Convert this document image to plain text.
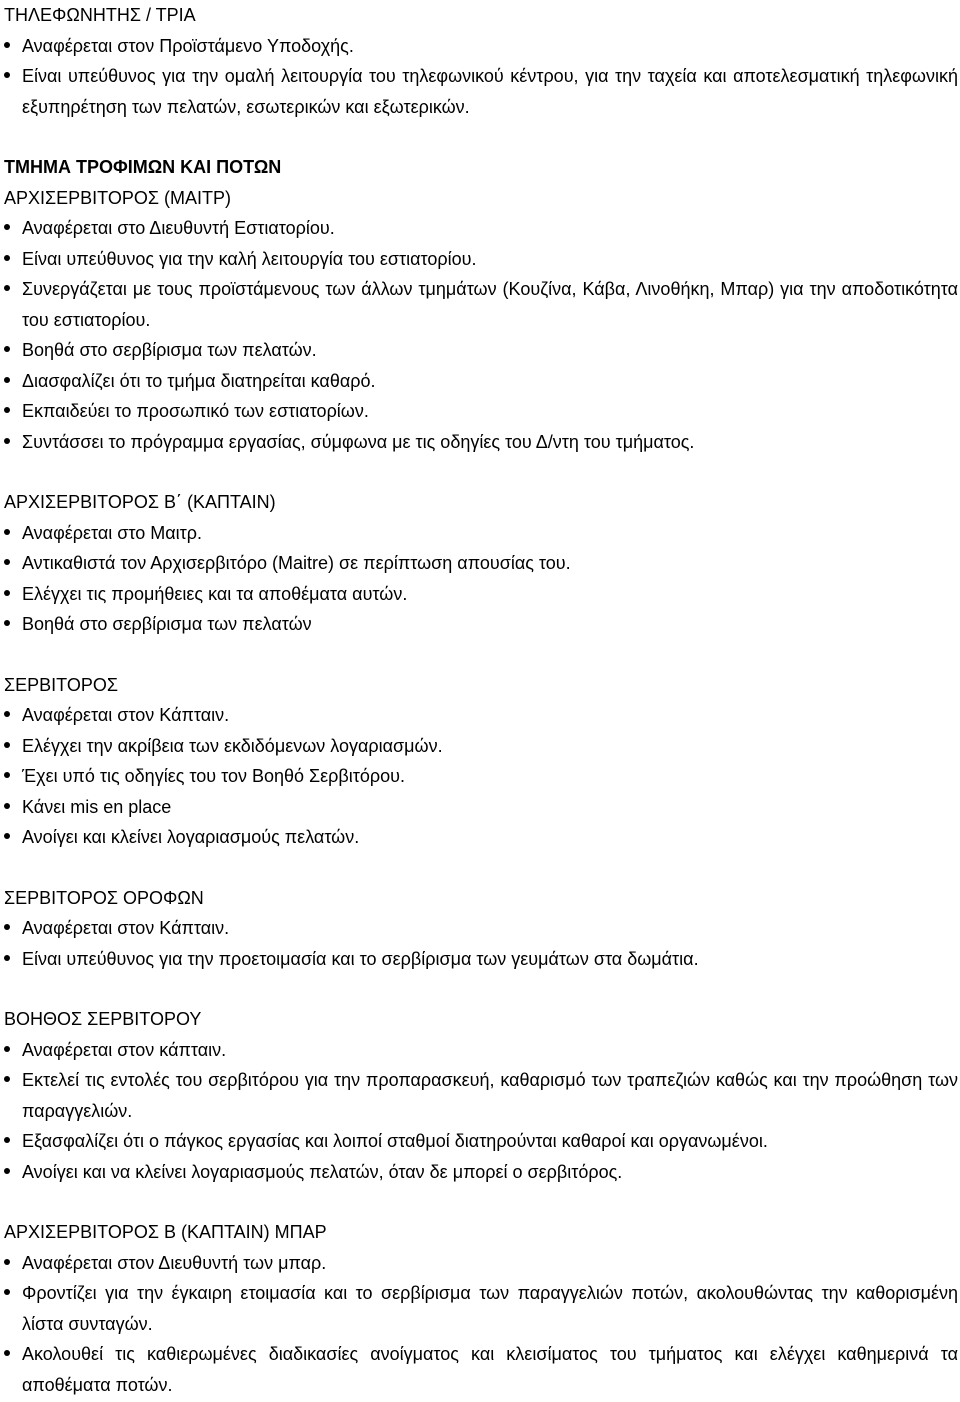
ΤΗΛΕΦΩΝΗΤΗΣ / ΤΡΙΑ

Αναφέρεται στον Προϊστάμενο Υποδοχής.
Είναι υπεύθυνος για την ομαλή λειτουργία του τηλεφωνικού κέντρου, για την ταχεία και αποτελεσματική τηλεφωνική εξυπηρέτηση των πελατών, εσωτερικών και εξωτερικών.

ΤΜΗΜΑ ΤΡΟΦΙΜΩΝ ΚΑΙ ΠΟΤΩΝ

ΑΡΧΙΣΕΡΒΙΤΟΡΟΣ (ΜΑΙΤΡ)

Αναφέρεται στο Διευθυντή Εστιατορίου.
Είναι υπεύθυνος για την καλή λειτουργία του εστιατορίου.
Συνεργάζεται με τους προϊστάμενους των άλλων τμημάτων (Κουζίνα, Κάβα, Λινοθήκη, Μπαρ) για την αποδοτικότητα του εστιατορίου.
Βοηθά στο σερβίρισμα των πελατών.
Διασφαλίζει ότι το τμήμα διατηρείται καθαρό.
Εκπαιδεύει το προσωπικό των εστιατορίων.
Συντάσσει το πρόγραμμα εργασίας, σύμφωνα με τις οδηγίες του Δ/ντη του τμήματος.

ΑΡΧΙΣΕΡΒΙΤΟΡΟΣ Β΄ (ΚΑΠΤΑΙΝ)

Αναφέρεται στο Μαιτρ.
Αντικαθιστά τον Αρχισερβιτόρο (Maitre) σε περίπτωση απουσίας του.
Ελέγχει τις προμήθειες και τα αποθέματα αυτών.
Βοηθά στο σερβίρισμα των πελατών

ΣΕΡΒΙΤΟΡΟΣ

Αναφέρεται στον Κάπταιν.
Ελέγχει την ακρίβεια των εκδιδόμενων λογαριασμών.
Έχει υπό τις οδηγίες του τον Βοηθό Σερβιτόρου.
Κάνει mis en place
Ανοίγει και κλείνει λογαριασμούς πελατών.

ΣΕΡΒΙΤΟΡΟΣ ΟΡΟΦΩΝ

Αναφέρεται στον Κάπταιν.
Είναι υπεύθυνος για την προετοιμασία και το σερβίρισμα των γευμάτων στα δωμάτια.

ΒΟΗΘΟΣ ΣΕΡΒΙΤΟΡΟΥ

Αναφέρεται στον κάπταιν.
Εκτελεί τις εντολές του σερβιτόρου για την προπαρασκευή, καθαρισμό των τραπεζιών καθώς και την προώθηση των παραγγελιών.
Εξασφαλίζει ότι ο πάγκος εργασίας και λοιποί σταθμοί διατηρούνται καθαροί και οργανωμένοι.
Ανοίγει και να κλείνει λογαριασμούς πελατών, όταν δε μπορεί ο σερβιτόρος.

ΑΡΧΙΣΕΡΒΙΤΟΡΟΣ Β (ΚΑΠΤΑΙΝ) ΜΠΑΡ

Αναφέρεται στον Διευθυντή των μπαρ.
Φροντίζει για την έγκαιρη ετοιμασία και το σερβίρισμα των παραγγελιών ποτών, ακολουθώντας την καθορισμένη λίστα συνταγών.
Ακολουθεί τις καθιερωμένες διαδικασίες ανοίγματος και κλεισίματος του τμήματος και ελέγχει καθημερινά τα αποθέματα ποτών.
